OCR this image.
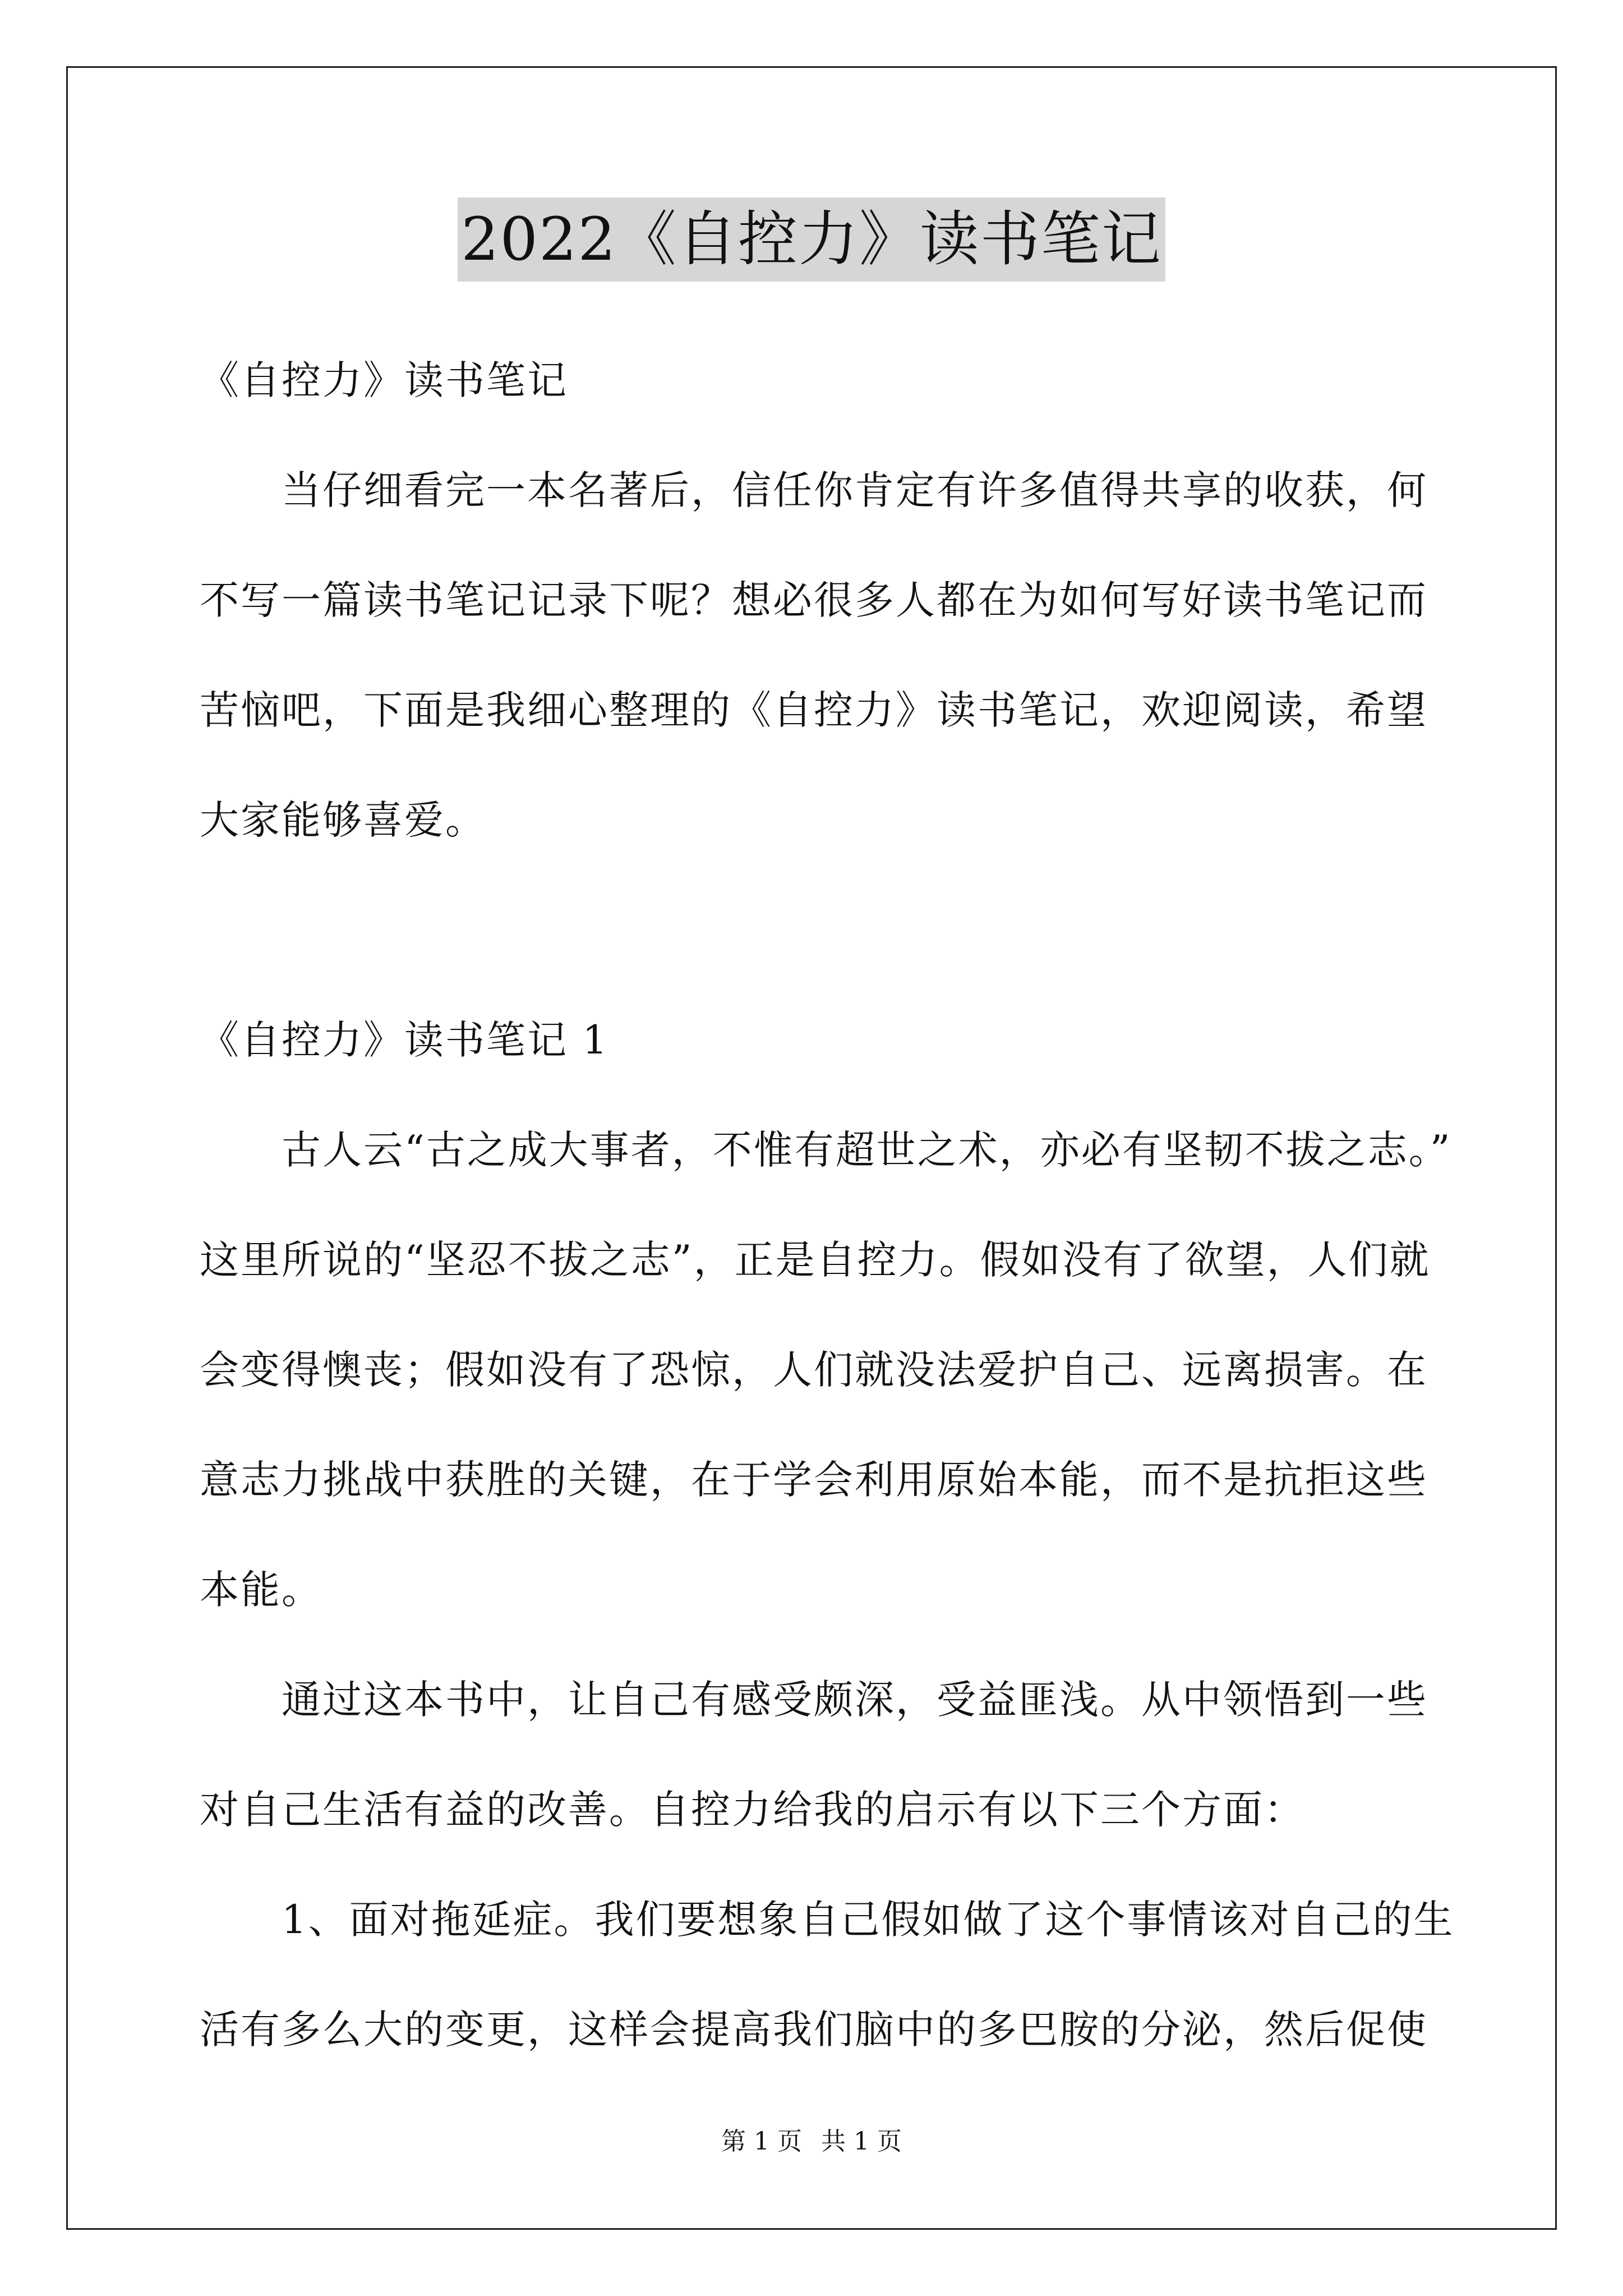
2022《自控力》读书笔记
《自控力》读书笔记
　　当仔细看完一本名著后，信任你肯定有许多值得共享的收获，何
不写一篇读书笔记记录下呢？想必很多人都在为如何写好读书笔记而
苦恼吧，下面是我细心整理的《自控力》读书笔记，欢迎阅读，希望
大家能够喜爱。
《自控力》读书笔记 1
　　古人云“古之成大事者，不惟有超世之术，亦必有坚韧不拔之志。”
这里所说的“坚忍不拔之志”，正是自控力。假如没有了欲望，人们就
会变得懊丧；假如没有了恐惊，人们就没法爱护自己、远离损害。在
意志力挑战中获胜的关键，在于学会利用原始本能，而不是抗拒这些
本能。
　　通过这本书中，让自己有感受颇深，受益匪浅。从中领悟到一些
对自己生活有益的改善。自控力给我的启示有以下三个方面：
　　1、面对拖延症。我们要想象自己假如做了这个事情该对自己的生
活有多么大的变更，这样会提高我们脑中的多巴胺的分泌，然后促使
第 1 页 共 1 页
